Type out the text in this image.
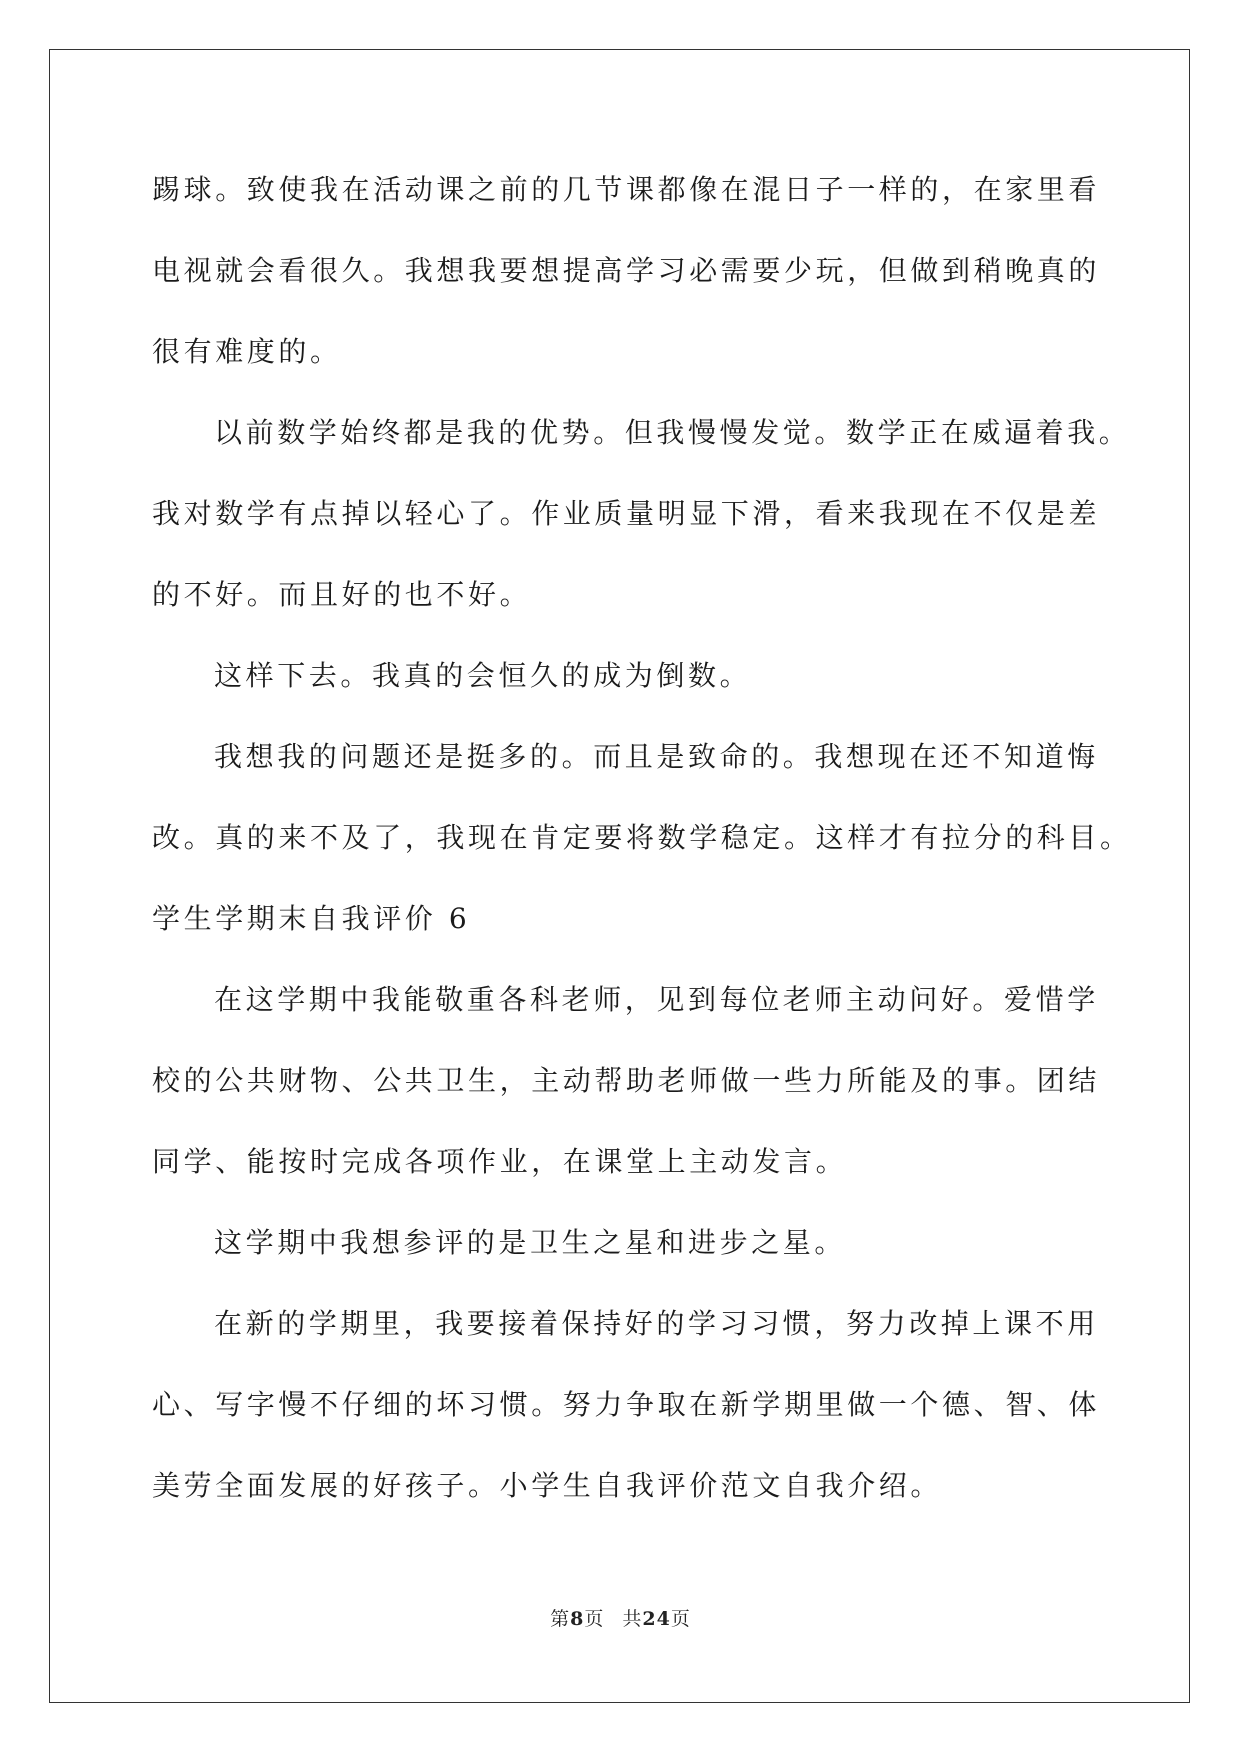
踢球。致使我在活动课之前的几节课都像在混日子一样的，在家里看
电视就会看很久。我想我要想提高学习必需要少玩，但做到稍晚真的
很有难度的。
以前数学始终都是我的优势。但我慢慢发觉。数学正在威逼着我。
我对数学有点掉以轻心了。作业质量明显下滑，看来我现在不仅是差
的不好。而且好的也不好。
这样下去。我真的会恒久的成为倒数。
我想我的问题还是挺多的。而且是致命的。我想现在还不知道悔
改。真的来不及了，我现在肯定要将数学稳定。这样才有拉分的科目。
学生学期末自我评价 6
在这学期中我能敬重各科老师，见到每位老师主动问好。爱惜学
校的公共财物、公共卫生，主动帮助老师做一些力所能及的事。团结
同学、能按时完成各项作业，在课堂上主动发言。
这学期中我想参评的是卫生之星和进步之星。
在新的学期里，我要接着保持好的学习习惯，努力改掉上课不用
心、写字慢不仔细的坏习惯。努力争取在新学期里做一个德、智、体
美劳全面发展的好孩子。小学生自我评价范文自我介绍。
第8页 共24页
